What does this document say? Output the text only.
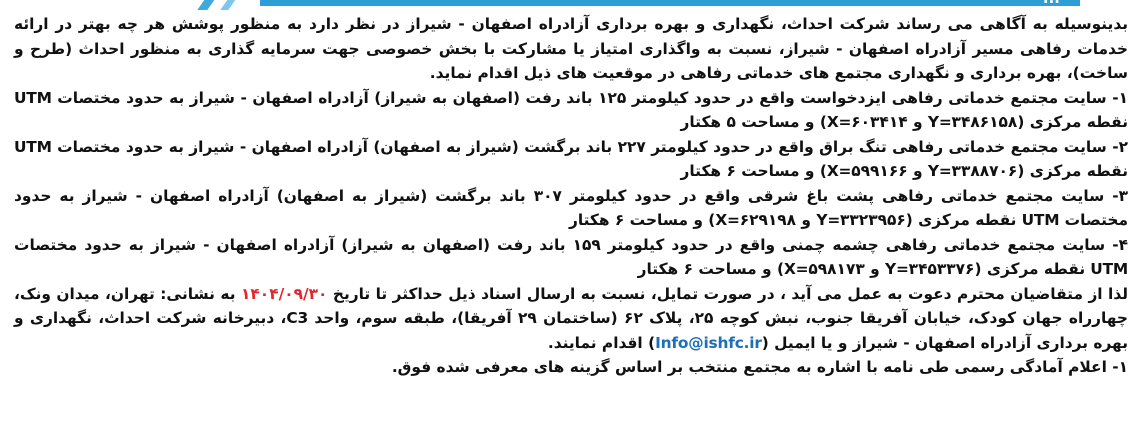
بدینوسیله به آگاهی می رساند شرکت احداث، نگهداری و بهره برداری آزادراه اصفهان - شیراز در نظر دارد به منظور پوشش هر چه بهتر در ارائه خدمات رفاهی مسیر آزادراه اصفهان - شیراز، نسبت به واگذاری امتیاز یا مشارکت با بخش خصوصی جهت سرمایه گذاری به منظور احداث (طرح و ساخت)، بهره برداری و نگهداری مجتمع های خدماتی رفاهی در موقعیت های ذیل اقدام نماید.

۱- سایت مجتمع خدماتی رفاهی ایزدخواست واقع در حدود کیلومتر ۱۲۵ باند رفت (اصفهان به شیراز) آزادراه اصفهان - شیراز به حدود مختصات UTM نقطه مرکزی (Y=۳۴۸۶۱۵۸ و X=۶۰۳۴۱۴) و مساحت ۵ هکتار

۲- سایت مجتمع خدماتی رفاهی تنگ براق واقع در حدود کیلومتر ۲۲۷ باند برگشت (شیراز به اصفهان) آزادراه اصفهان - شیراز به حدود مختصات UTM نقطه مرکزی (Y=۳۳۸۸۷۰۶ و X=۵۹۹۱۶۶) و مساحت ۶ هکتار

۳- سایت مجتمع خدماتی رفاهی پشت باغ شرقی واقع در حدود کیلومتر ۳۰۷ باند برگشت (شیراز به اصفهان) آزادراه اصفهان - شیراز به حدود مختصات UTM نقطه مرکزی (Y=۳۳۲۳۹۵۶ و X=۶۲۹۱۹۸) و مساحت ۶ هکتار

۴- سایت مجتمع خدماتی رفاهی چشمه چمنی واقع در حدود کیلومتر ۱۵۹ باند رفت (اصفهان به شیراز) آزادراه اصفهان - شیراز به حدود مختصات UTM نقطه مرکزی (Y=۳۴۵۳۳۷۶ و X=۵۹۸۱۷۳) و مساحت ۶ هکتار

لذا از متقاضیان محترم دعوت به عمل می آید ، در صورت تمایل، نسبت به ارسال اسناد ذیل حداکثر تا تاریخ ۱۴۰۴/۰۹/۳۰ به نشانی: تهران، میدان ونک، چهارراه جهان کودک، خیابان آفریقا جنوب، نبش کوچه ۲۵، پلاک ۶۲ (ساختمان ۲۹ آفریقا)، طبقه سوم، واحد C3، دبیرخانه شرکت احداث، نگهداری و بهره برداری آزادراه اصفهان - شیراز و یا ایمیل (Info@ishfc.ir) اقدام نمایند.

۱- اعلام آمادگی رسمی طی نامه با اشاره به مجتمع منتخب بر اساس گزینه های معرفی شده فوق.
